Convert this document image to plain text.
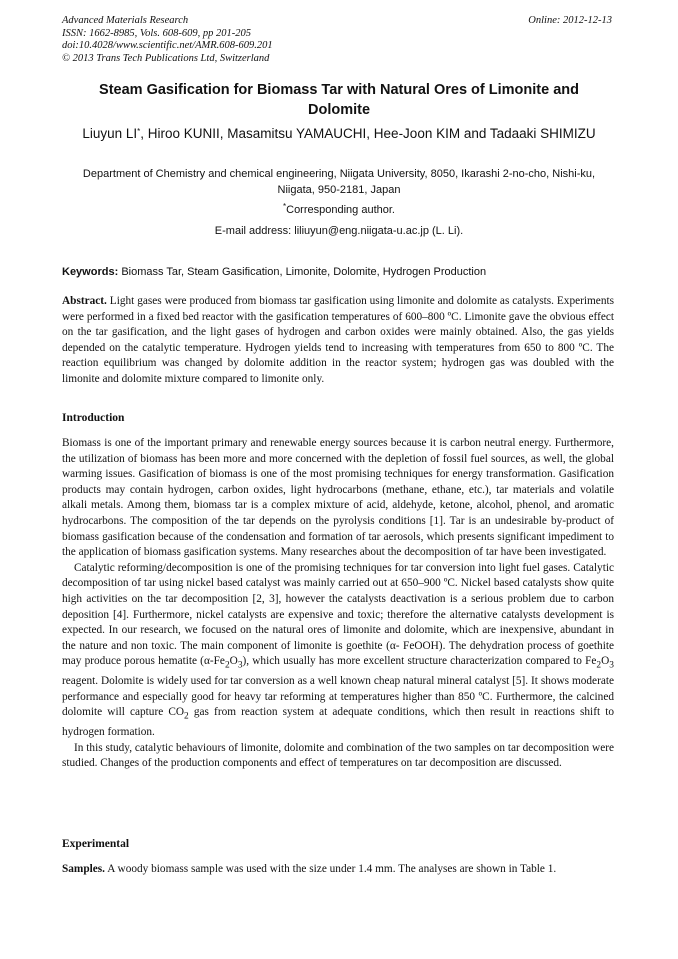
Advanced Materials Research
ISSN: 1662-8985, Vols. 608-609, pp 201-205
doi:10.4028/www.scientific.net/AMR.608-609.201
© 2013 Trans Tech Publications Ltd, Switzerland
Online: 2012-12-13
Steam Gasification for Biomass Tar with Natural Ores of Limonite and Dolomite
Liuyun LI*, Hiroo KUNII, Masamitsu YAMAUCHI, Hee-Joon KIM and Tadaaki SHIMIZU
Department of Chemistry and chemical engineering, Niigata University, 8050, Ikarashi 2-no-cho, Nishi-ku, Niigata, 950-2181, Japan
*Corresponding author.
E-mail address: liliuyun@eng.niigata-u.ac.jp (L. Li).
Keywords: Biomass Tar, Steam Gasification, Limonite, Dolomite, Hydrogen Production
Abstract. Light gases were produced from biomass tar gasification using limonite and dolomite as catalysts. Experiments were performed in a fixed bed reactor with the gasification temperatures of 600–800 ºC. Limonite gave the obvious effect on the tar gasification, and the light gases of hydrogen and carbon oxides were mainly obtained. Also, the gas yields depended on the catalytic temperature. Hydrogen yields tend to increasing with temperatures from 650 to 800 ºC. The reaction equilibrium was changed by dolomite addition in the reactor system; hydrogen gas was doubled with the limonite and dolomite mixture compared to limonite only.
Introduction

Biomass is one of the important primary and renewable energy sources because it is carbon neutral energy. Furthermore, the utilization of biomass has been more and more concerned with the depletion of fossil fuel sources, as well, the global warming issues. Gasification of biomass is one of the most promising techniques for energy transformation. Gasification products may contain hydrogen, carbon oxides, light hydrocarbons (methane, ethane, etc.), tar materials and volatile alkali metals. Among them, biomass tar is a complex mixture of acid, aldehyde, ketone, alcohol, phenol, and aromatic hydrocarbons. The composition of the tar depends on the pyrolysis conditions [1]. Tar is an undesirable by-product of biomass gasification because of the condensation and formation of tar aerosols, which presents significant impediment to the application of biomass gasification systems. Many researches about the decomposition of tar have been investigated.

Catalytic reforming/decomposition is one of the promising techniques for tar conversion into light fuel gases. Catalytic decomposition of tar using nickel based catalyst was mainly carried out at 650–900 ºC. Nickel based catalysts show quite high activities on the tar decomposition [2, 3], however the catalysts deactivation is a serious problem due to carbon deposition [4]. Furthermore, nickel catalysts are expensive and toxic; therefore the alternative catalysts development is expected. In our research, we focused on the natural ores of limonite and dolomite, which are inexpensive, abundant in the nature and non toxic. The main component of limonite is goethite (α- FeOOH). The dehydration process of goethite may produce porous hematite $(\alpha-Fe_2O_3)$, which usually has more excellent structure characterization compared to $Fe_2O_3$ reagent. Dolomite is widely used for tar conversion as a well known cheap natural mineral catalyst [5]. It shows moderate performance and especially good for heavy tar reforming at temperatures higher than 850 ºC. Furthermore, the calcined dolomite will capture $CO_2$ gas from reaction system at adequate conditions, which then result in reactions shift to hydrogen formation.

In this study, catalytic behaviours of limonite, dolomite and combination of the two samples on tar decomposition were studied. Changes of the production components and effect of temperatures on tar decomposition are discussed.

Experimental
Samples. A woody biomass sample was used with the size under 1.4 mm. The analyses are shown in Table 1.
